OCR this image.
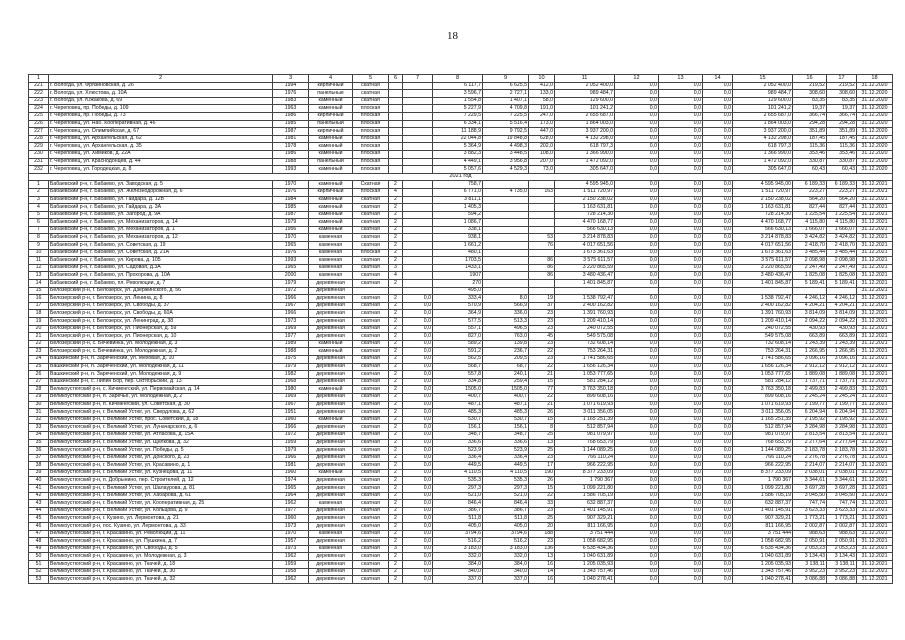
18
1	2	3	4	5	6	7	8	9	10	11	12	13	14	15	16	17	18
221	г. Вологда, ул. Фрязиновская, д. 26	1994	кирпичный	скатная			6 117,7	6 625,5	412,0	2 052 400,0	0,0	0,0	0,0	2 052 400,0	219,52	219,52	31.12.2020
222	г. Вологда, ул. Хлюстова, д. 10А	1976	панельные	скатная			3 596,7	2 727,1	133,0	989 484,7	0,0	0,0	0,0	989 484,7	308,60	308,60	31.12.2020
223	г. Вологда, ул. Южакова, д. 69	1983	каменный	скатная			1 554,8	1 407,1	58,0	129 600,0	0,0	0,0	0,0	129 600,0	83,35	83,35	31.12.2020
224	г. Череповец, пр. Победы, д. 109	1963	каменный	плоская			5 227,9	4 709,8	191,0	101 241,2	0,0	0,0	0,0	101 241,2	19,37	19,37	31.12.2020
225	г. Череповец, пр. Победы, д. 73	1986	кирпичный	плоская			7 229,5	7 225,5	247,0	2 655 687,0	0,0	0,0	0,0	2 655 687,0	366,74	366,74	31.12.2020
226	г. Череповец, ул. Наб. Кооперативная, д. 46	1985	панельный	плоская			6 334,1	5 516,4	173,0	1 864 003,0	0,0	0,0	0,0	1 864 003,0	294,28	294,28	31.12.2020
227	г. Череповец, ул. Олимпийская, д. 67	1987	кирпичный	плоская			11 188,9	9 792,5	447,0	3 937 200,0	0,0	0,0	0,0	3 937 200,0	351,89	351,89	31.12.2020
228	г. Череповец, ул. Архангельская, д. 62	1981	каменный	плоская			22 044,8	19 848,8	628,0	4 132 298,0	0,0	0,0	0,0	4 132 298,0	187,45	187,45	31.12.2020
229	г. Череповец, ул. Архангельская, д. 35	1978	каменный	плоская			5 364,9	4 498,3	202,0	618 797,3	0,0	0,0	0,0	618 797,3	115,36	115,36	31.12.2020
230	г. Череповец, ул. Химиков, д. 22А	1986	каменный	плоская			3 882,3	3 448,5	108,0	1 366 990,0	0,0	0,0	0,0	1 366 990,0	353,46	353,46	31.12.2020
231	г. Череповец, ул. Краснодонцев, д. 44	1988	панельный	плоская			4 449,1	3 956,8	207,0	1 472 092,0	0,0	0,0	0,0	1 472 092,0	330,87	330,87	31.12.2020
232	г. Череповец, ул. Городецкая, д. 8	1993	каменный	плоская			5 057,6	4 529,3	73,0	305 647,0	0,0	0,0	0,0	305 647,0	60,43	60,43	31.12.2020
2021 год																	
1	Бабаевский р-н, г. Бабаево, ул. Заводская, д. 5	1970	каменный	Скатная	2		758,7			4 595 945,0	0,0	0,0	0,0	4 595 945,00	6 189,33	6 189,33	31.12.2021
2	Бабаевский р-н, г. Бабаево, ул. Железнодорожная, д. 6	1976	кирпичный	плоская	4		6 771,0	4 735,0	163	1 511 720,97	0,0	0,0	0,0	1 511 720,97	223,27	223,27	31.12.2021
3	Бабаевский р-н, г. Бабаево, ул. Гайдара, д. 12В	1984	каменный	скатная	2		3 811,1			2 150 238,02	0,0	0,0	0,0	2 150 238,02	564,20	564,20	31.12.2021
4	Бабаевский р-н, г. Бабаево, ул. Гайдара, д. 3А	1985	каменный	скатная	2		1 405,3			1 163 631,81	0,0	0,0	0,0	1 163 631,81	827,44	827,44	31.12.2021
5	Бабаевский р-н, г. Бабаево, ул. Загород, д. 9А	1987	каменный	скатная	2		594,2			728 214,30	0,0	0,0	0,0	728 214,30	1 225,54	1 225,54	31.12.2021
6	Бабаевский р-н, г. Бабаево, ул. Механизаторов, д. 14	1979	каменный	скатная	2		1 086,7			4 470 168,77	0,0	0,0	0,0	4 470 168,77	4 115,80	4 115,80	31.12.2021
7	Бабаевский р-н, г. Бабаево, ул. Механизаторов, д. 1	1956	каменный	скатная	2		338,1			566 630,13	0,0	0,0	0,0	566 630,13	1 666,07	1 666,07	31.12.2021
8	Бабаевский р-н, г. Бабаево, ул. Механизаторов, д. 12	1970	каменная	скатная	2		938,1		53	3 214 878,83	0,0	0,0	0,0	3 214 878,83	3 424,82	3 424,82	31.12.2021
9	Бабаевский р-н, г. Бабаево, ул. Советская, д. 19	1965	каменная	скатная	2		1 661,2		76	4 017 651,56	0,0	0,0	0,0	4 017 651,56	2 418,70	2 418,70	31.12.2021
10	Бабаевский р-н, г. Бабаево, ул. Советская, д. 21А	1976	каменная	плоская	2		480,1			1 673 361,63	0,0	0,0	0,0	1 673 361,63	3 485,44	3 485,44	31.12.2021
11	Бабаевский р-н, г. Бабаево, ул. Кирова, д. 105	1993	каменная	скатная	2		1703,5		86	3 575 611,57	0,0	0,0	0,0	3 575 611,57	2 098,98	2 098,98	31.12.2021
12	Бабаевский р-н, г. Бабаево, ул. Садовая, д.3А	1965	каменная	скатная	3		1433,1		86	3 220 865,59	0,0	0,0	0,0	3 220 865,59	2 247,49	2 247,49	31.12.2021
13	Бабаевский р-н, г. Бабаево, ул. Прохорова, д. 10А	2000	каменная	скатная	4		1907		86	3 480 436,47	0,0	0,0	0,0	3 480 436,47	1 825,08	1 825,08	31.12.2021
14	Бабаевский р-н, г. Бабаево, пл. Революции, д. 7	1979	деревянная	скатная	2		270			1 401 845,87	0,0	0,0	0,0	1 401 845,87	5 189,41	5 189,41	31.12.2021
15	Белозерский р-н, г. Белозерск, ул. Дзержинского, д. 56	1972	деревянная				495,0										31.12.2021
16	Белозерский р-н, г. Белозерск, ул. Ленина, д. 8	1966	деревянная	скатная	2	0,0	333,4	8,0	19	1 538 792,47	0,0	0,0	0,0	1 538 792,47	4 246,12	4 246,12	31.12.2021
17	Белозерский р-н, г. Белозерск, ул. Свободы, д. 37	1967	деревянная	скатная	2	0,0	570,9	566,9	37	2 400 162,82	0,0	0,0	0,0	2 400 162,82	4 204,21	4 204,21	31.12.2021
18	Белозерский р-н, г. Белозерск, ул. Свободы, д. 60А	1966	деревянная	скатная	2	0,0	364,9	336,0	23	1 391 760,93	0,0	0,0	0,0	1 391 760,93	3 814,09	3 814,09	31.12.2021
19	Белозерский р-н, г. Белозерск, ул. Ленинград, д. 38	1973	деревянная	скатная	2	0,0	577,5	513,3	23	1 209 410,14	0,0	0,0	0,0	1 209 410,14	2 094,22	2 094,22	31.12.2021
20	Белозерский р-н, г. Белозерск, ул. Пионерская, д. 59	1969	деревянная	скатная	2	0,0	557,1	496,5	23	240 072,55	0,0	0,0	0,0	240 072,55	430,93	430,93	31.12.2021
21	Белозерский р-н, г. Белозерск, ул. Пионерская, д. 10	1977	деревянная	скатная	2	0,0	827,0	763,0	45	549 575,08	0,0	0,0	0,0	549 575,08	663,89	663,89	31.12.2021
22	Белозерский р-н, с. Бечевинка, ул. Молодежная, д. 3	1989	каменный	скатная	2	0,0	589,2	139,8	23	732 608,14	0,0	0,0	0,0	732 608,14	1 243,39	1 243,39	31.12.2021
23	Белозерский р-н, с. Бечевинка, ул. Молодежная, д. 2	1988	каменный	скатная	2	0,0	591,2	236,7	22	753 264,31	0,0	0,0	0,0	753 264,31	1 266,95	1 266,95	31.12.2021
24	Вашкинский р-н, п. Зареченский, ул. Меховая, д. 10	1975	деревянная	скатная	2	0,0	562,5	209,5	23	1 741 586,65	0,0	0,0	0,0	1 741 586,65	3 096,16	3 096,16	31.12.2021
25	Вашкинский р-н, п. Зареченский, ул. Молодежная, д. 11	1979	деревянная	скатная	2	0,0	568,7	68,7	22	1 656 126,34	0,0	0,0	0,0	1 656 126,34	2 912,12	2 912,12	31.12.2021
26	Вашкинский р-н, п. Зареченский, ул. Молодежная, д. 9	1982	деревянная	скатная	2	0,0	557,8	240,1	21	1 053 777,65	0,0	0,0	0,0	1 053 777,65	1 889,08	1 889,08	31.12.2021
27	Вашкинский р-н, с. Липин Бор, пер. Октябрьский, д. 13	1968	деревянная	скатная	2	0,0	334,8	259,4	15	581 284,12	0,0	0,0	0,0	581 284,12	1 737,71	1 737,71	31.12.2021
28	Великоустюгский р-н, с. Кичменгский, ул. Первомайская, д. 14	1980	каменный	скатная	2	0,0	1505,0	1505,0	77	3 763 350,18	0,0	0,0	0,0	3 763 350,18	2 499,83	2 499,83	31.12.2021
29	Великоустюгский р-н, п. Заречье, ул. Молодежная, д. 2	1969	деревянная	скатная	2	0,0	400,7	400,7	22	899 608,16	0,0	0,0	0,0	899 608,16	2 245,24	2 245,24	31.12.2021
30	Великоустюгский р-н, п. Кичменгский, ул. Советская, д. 30	1967	деревянная	скатная	2	0,0	487,1	487,1	21	1 071 619,93	0,0	0,0	0,0	1 071 619,93	2 199,77	2 199,77	31.12.2021
31	Великоустюгский р-н, г. Великий Устюг, ул. Свердлова, д. 62	1951	деревянная	скатная	2	0,0	485,3	485,3	26	3 011 356,05	0,0	0,0	0,0	3 011 356,05	6 204,94	6 204,94	31.12.2021
32	Великоустюгский р-н, г. Великий Устюг, прос. Советский, д. 18	1960	каменный	скатная	2	0,0	530,7	530,7	15	1 165 251,39	0,0	0,0	0,0	1 165 251,39	2 195,92	2 195,92	31.12.2021
33	Великоустюгский р-н, г. Великий Устюг, ул. Луначарского, д. 6	1966	деревянная	скатная	2	0,0	156,1	156,1	8	512 857,94	0,0	0,0	0,0	512 857,94	3 284,98	3 284,98	31.12.2021
34	Великоустюгский р-н, г. Великий Устюг, ул. Атласова, д. 15А	1972	деревянная	скатная	2	0,0	348,7	348,7	25	981 079,97	0,0	0,0	0,0	981 079,97	2 813,54	2 813,54	31.12.2021
35	Великоустюгский р-н, г. Великий Устюг, ул. Щелкова, д. 32	1959	деревянная	скатная	2	0,0	336,6	336,6	13	768 653,79	0,0	0,0	0,0	768 653,79	2 277,64	2 277,64	31.12.2021
36	Великоустюгский р-н, г. Великий Устюг, ул. Победы, д. 5	1979	деревянная	скатная	2	0,0	523,9	523,9	25	1 144 089,25	0,0	0,0	0,0	1 144 089,25	2 183,78	2 183,78	31.12.2021
37	Великоустюгский р-н, г. Великий Устюг, ул. Донского, д. 23	1966	деревянная	скатная	2	0,0	336,4	336,4	23	766 110,24	0,0	0,0	0,0	766 110,24	2 276,78	2 276,78	31.12.2021
38	Великоустюгский р-н, г. Великий Устюг, ул. Красавино, д. 1	1981	деревянная	скатная	2	0,0	449,5	449,5	17	966 222,95	0,0	0,0	0,0	966 222,95	2 214,07	2 214,07	31.12.2021
39	Великоустюгский р-н, г. Великий Устюг, ул. Кузнецова, д. 11	1960	каменный	скатная	2	0,0	4 110,5	4 110,5	190	8 377 233,09	0,0	0,0	0,0	8 377 233,09	2 038,01	2 038,01	31.12.2021
40	Великоустюгский р-н, п. Добрынино, пер. Строителей, д. 12	1974	деревянная	скатная	2	0,0	535,3	535,3	26	1 790 367	0,0	0,0	0,0	1 790 367	3 344,61	3 344,61	31.12.2021
41	Великоустюгский р-н, г. Великий Устюг, ул. Шалаурова, д. 81	1965	деревянная	скатная	2	0,0	297,3	297,3	15	1 099 221,80	0,0	0,0	0,0	1 099 221,80	3 697,28	3 697,28	31.12.2021
42	Великоустюгский р-н, г. Великий Устюг, ул. Хабарова, д. 61	1964	деревянная	скатная	2	0,0	521,0	521,0	22	1 586 705,19	0,0	0,0	0,0	1 586 705,19	3 045,50	3 045,50	31.12.2021
43	Великоустюгский р-н, г. Великий Устюг, ул. Кооперативная, д. 25	1962	каменная	скатная	2	0,0	846,4	846,4	33	632 887,37	0,0	0,0	0,0	632 887,37	747,74	747,74	31.12.2021
44	Великоустюгский р-н, г. Великий Устюг, ул. Кольцова, д. 9	1977	деревянная	скатная	2	0,0	386,7	386,7	23	1 401 145,91	0,0	0,0	0,0	1 401 145,91	3 623,33	3 623,33	31.12.2021
45	Великоустюгский р-н, г. Кузино, ул. Лермонтова, д. 21	1960	деревянная	скатная	2	0,0	511,8	511,8	25	907 329,21	0,0	0,0	0,0	907 329,21	1 773,21	1 773,21	31.12.2021
46	Великоустюгский р-н, пос. Кузино, ул. Лермонтова, д. 33	1973	деревянная	скатная	2	0,0	405,0	405,0	20	811 166,95	0,0	0,0	0,0	811 166,95	2 002,87	2 002,87	31.12.2021
47	Великоустюгский р-н, г. Красавино, ул. Революции, д. 11	1970	каменная	скатная	2	0,0	3794,6	3794,6	188	3 751 444	0,0	0,0	0,0	3 751 444	988,63	988,63	31.12.2021
48	Великоустюгский р-н, г. Красавино, ул. Пушкина, д. 7	1957	деревянная	скатная	2	0,0	516,2	516,2	23	1 058 682,95	0,0	0,0	0,0	1 058 682,95	2 050,91	2 050,91	31.12.2021
49	Великоустюгский р-н, г. Красавино, ул. Свободы, д. 5	1973	каменная	скатная	3	0,0	3 183,0	3 183,0	136	6 535 434,36	0,0	0,0	0,0	6 535 434,36	2 053,23	2 053,23	31.12.2021
50	Великоустюгский р-н, г. Красавино, ул. Молодежная, д. 3	1962	деревянная	скатная	2	0,0	332,0	332,0	13	1 040 631,89	0,0	0,0	0,0	1 040 631,89	3 134,43	3 134,43	31.12.2021
51	Великоустюгский р-н, г. Красавино, ул. Ткачей, д. 18	1959	деревянная	скатная	2	0,0	384,0	384,0	16	1 205 035,93	0,0	0,0	0,0	1 205 035,93	3 138,11	3 138,11	31.12.2021
52	Великоустюгский р-н, г. Красавино, ул. Ткачей, д. 30	1958	деревянная	скатная	2	0,0	340,0	340,0	14	1 343 757,46	0,0	0,0	0,0	1 343 757,46	3 952,23	3 952,23	31.12.2021
53	Великоустюгский р-н, г. Красавино, ул. Ткачей, д. 32	1962	деревянная	скатная	2	0,0	337,0	337,0	16	1 040 278,41	0,0	0,0	0,0	1 040 278,41	3 086,88	3 086,88	31.12.2021
